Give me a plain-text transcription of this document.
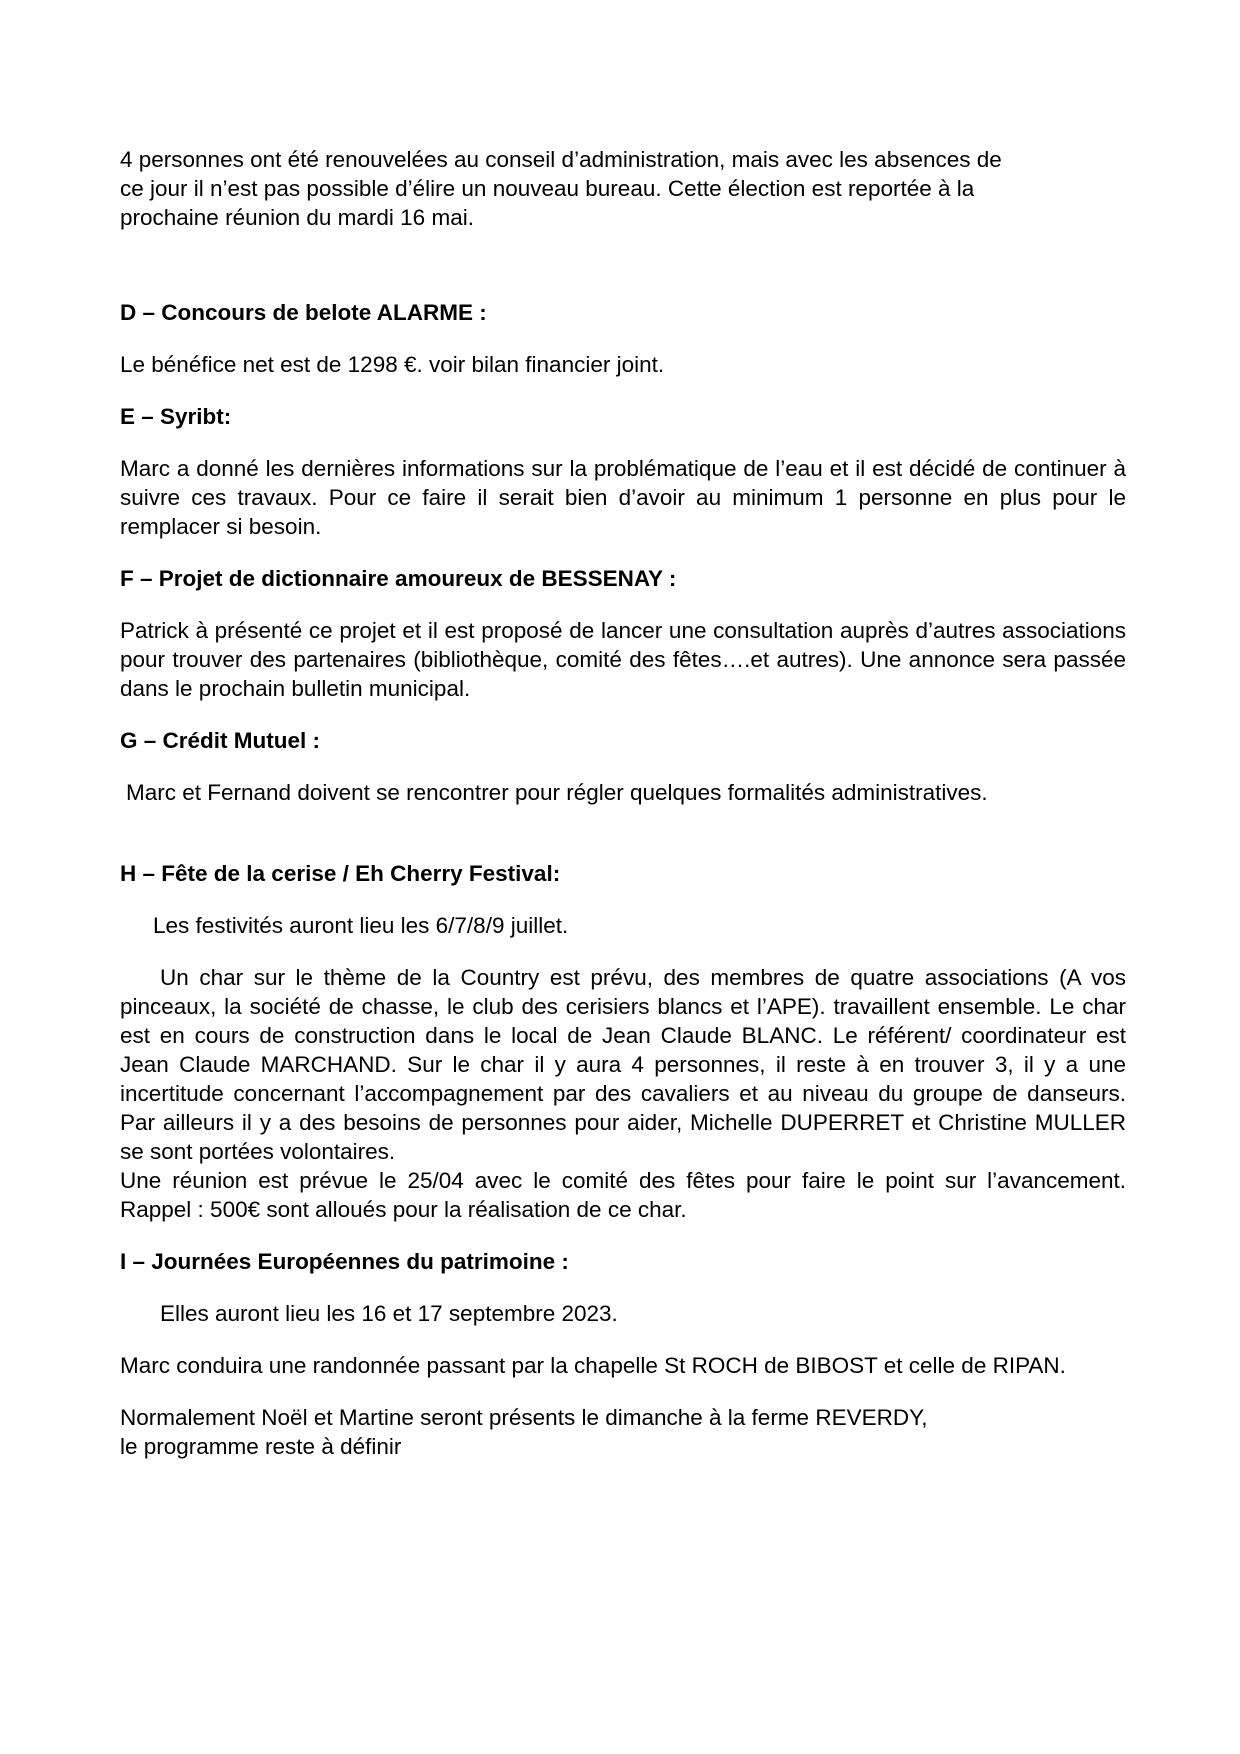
4 personnes ont été renouvelées au conseil d’administration, mais avec les absences de

ce jour il n’est pas possible d’élire un nouveau bureau. Cette élection est reportée à la

prochaine réunion du mardi 16 mai.

D – Concours de belote ALARME :

Le bénéfice net est de 1298 €. voir bilan financier joint.

E – Syribt:

Marc a donné les dernières informations sur la problématique de l’eau et il est décidé de continuer à suivre ces travaux. Pour ce faire il serait bien d’avoir au minimum 1 personne en plus pour le remplacer si besoin.

F – Projet de dictionnaire amoureux de BESSENAY :

Patrick à présenté ce projet et il est proposé de lancer une consultation auprès d’autres associations pour trouver des partenaires (bibliothèque, comité des fêtes….et autres). Une annonce sera passée dans le prochain bulletin municipal.

G – Crédit Mutuel :

Marc et Fernand doivent se rencontrer pour régler quelques formalités administratives.

H – Fête de la cerise / Eh Cherry Festival:

Les festivités auront lieu les 6/7/8/9 juillet.

Un char sur le thème de la Country est prévu, des membres de quatre associations (A vos pinceaux, la société de chasse, le club des cerisiers blancs et l’APE). travaillent ensemble. Le char est en cours de construction dans le local de Jean Claude BLANC. Le référent/ coordinateur est Jean Claude MARCHAND. Sur le char il y aura 4 personnes, il reste à en trouver 3, il y a une incertitude concernant l’accompagnement par des cavaliers et au niveau du groupe de danseurs. Par ailleurs il y a des besoins de personnes pour aider, Michelle DUPERRET et Christine MULLER se sont portées volontaires.

Une réunion est prévue le 25/04 avec le comité des fêtes pour faire le point sur l’avancement. Rappel : 500€ sont alloués pour la réalisation de ce char.

I – Journées Européennes du patrimoine :

Elles auront lieu les 16 et 17 septembre 2023.

Marc conduira une randonnée passant par la chapelle St ROCH de BIBOST et celle de RIPAN.

Normalement Noël et Martine seront présents le dimanche à la ferme REVERDY,

le programme reste à définir
